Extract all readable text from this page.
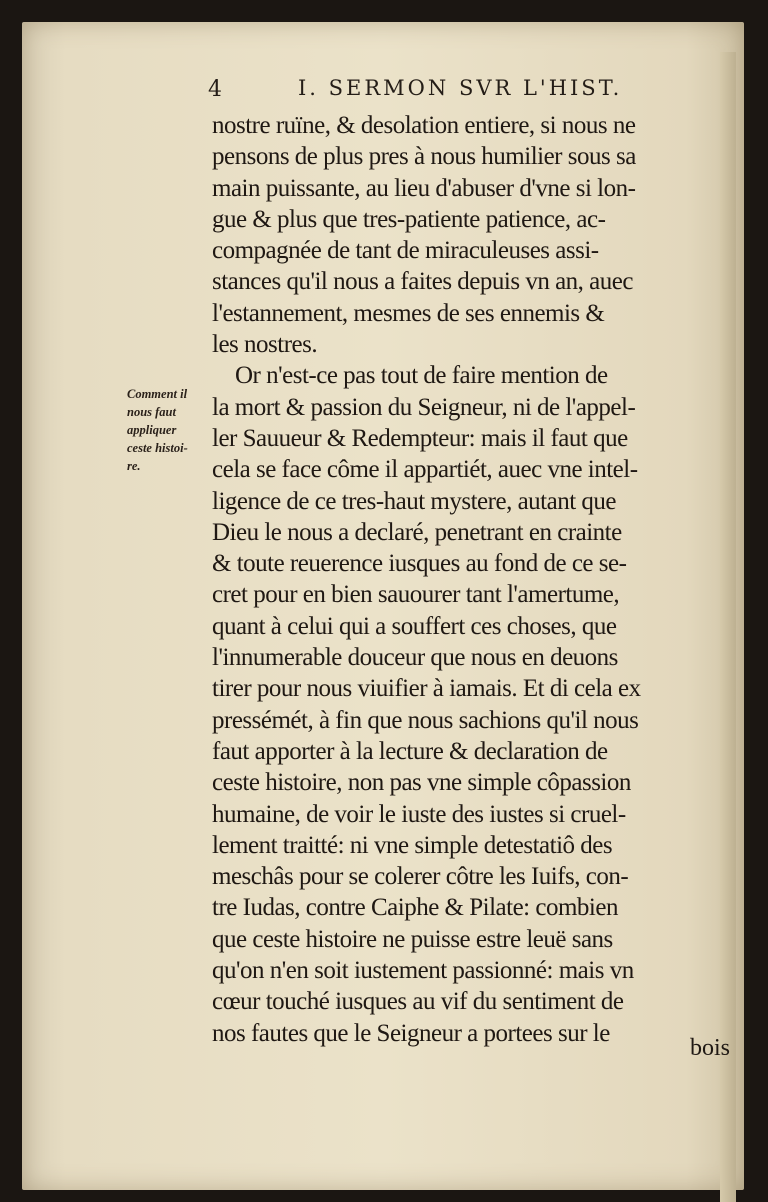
4	I. SERMON SVR L'HIST.
Comment il
nous faut
appliquer
ceste histoi-
re.
nostre ruïne, & desolation entiere, si nous ne
pensons de plus pres à nous humilier sous sa
main puissante, au lieu d'abuser d'vne si lon-
gue & plus que tres-patiente patience, ac-
compagnée de tant de miraculeuses assi-
stances qu'il nous a faites depuis vn an, auec
l'estannement, mesmes de ses ennemis &
les nostres.
Or n'est-ce pas tout de faire mention de
la mort & passion du Seigneur, ni de l'appel-
ler Sauueur & Redempteur: mais il faut que
cela se face côme il appartiét, auec vne intel-
ligence de ce tres-haut mystere, autant que
Dieu le nous a declaré, penetrant en crainte
& toute reuerence iusques au fond de ce se-
cret pour en bien sauourer tant l'amertume,
quant à celui qui a souffert ces choses, que
l'innumerable douceur que nous en deuons
tirer pour nous viuifier à iamais. Et di cela ex
pressémét, à fin que nous sachions qu'il nous
faut apporter à la lecture & declaration de
ceste histoire, non pas vne simple côpassion
humaine, de voir le iuste des iustes si cruel-
lement traitté: ni vne simple detestatiô des
meschâs pour se colerer côtre les Iuifs, con-
tre Iudas, contre Caiphe & Pilate: combien
que ceste histoire ne puisse estre leuë sans
qu'on n'en soit iustement passionné: mais vn
cœur touché iusques au vif du sentiment de
nos fautes que le Seigneur a portees sur le
bois
